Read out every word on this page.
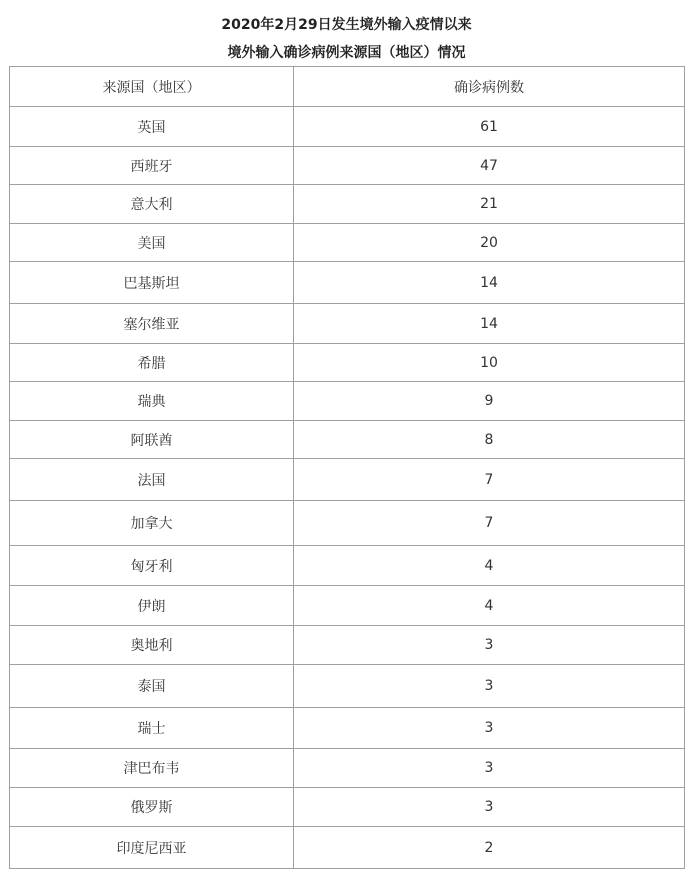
2020年2月29日发生境外输入疫情以来
境外输入确诊病例来源国（地区）情况
来源国（地区）	确诊病例数
英国	61
西班牙	47
意大利	21
美国	20
巴基斯坦	14
塞尔维亚	14
希腊	10
瑞典	9
阿联酋	8
法国	7
加拿大	7
匈牙利	4
伊朗	4
奥地利	3
泰国	3
瑞士	3
津巴布韦	3
俄罗斯	3
印度尼西亚	2
